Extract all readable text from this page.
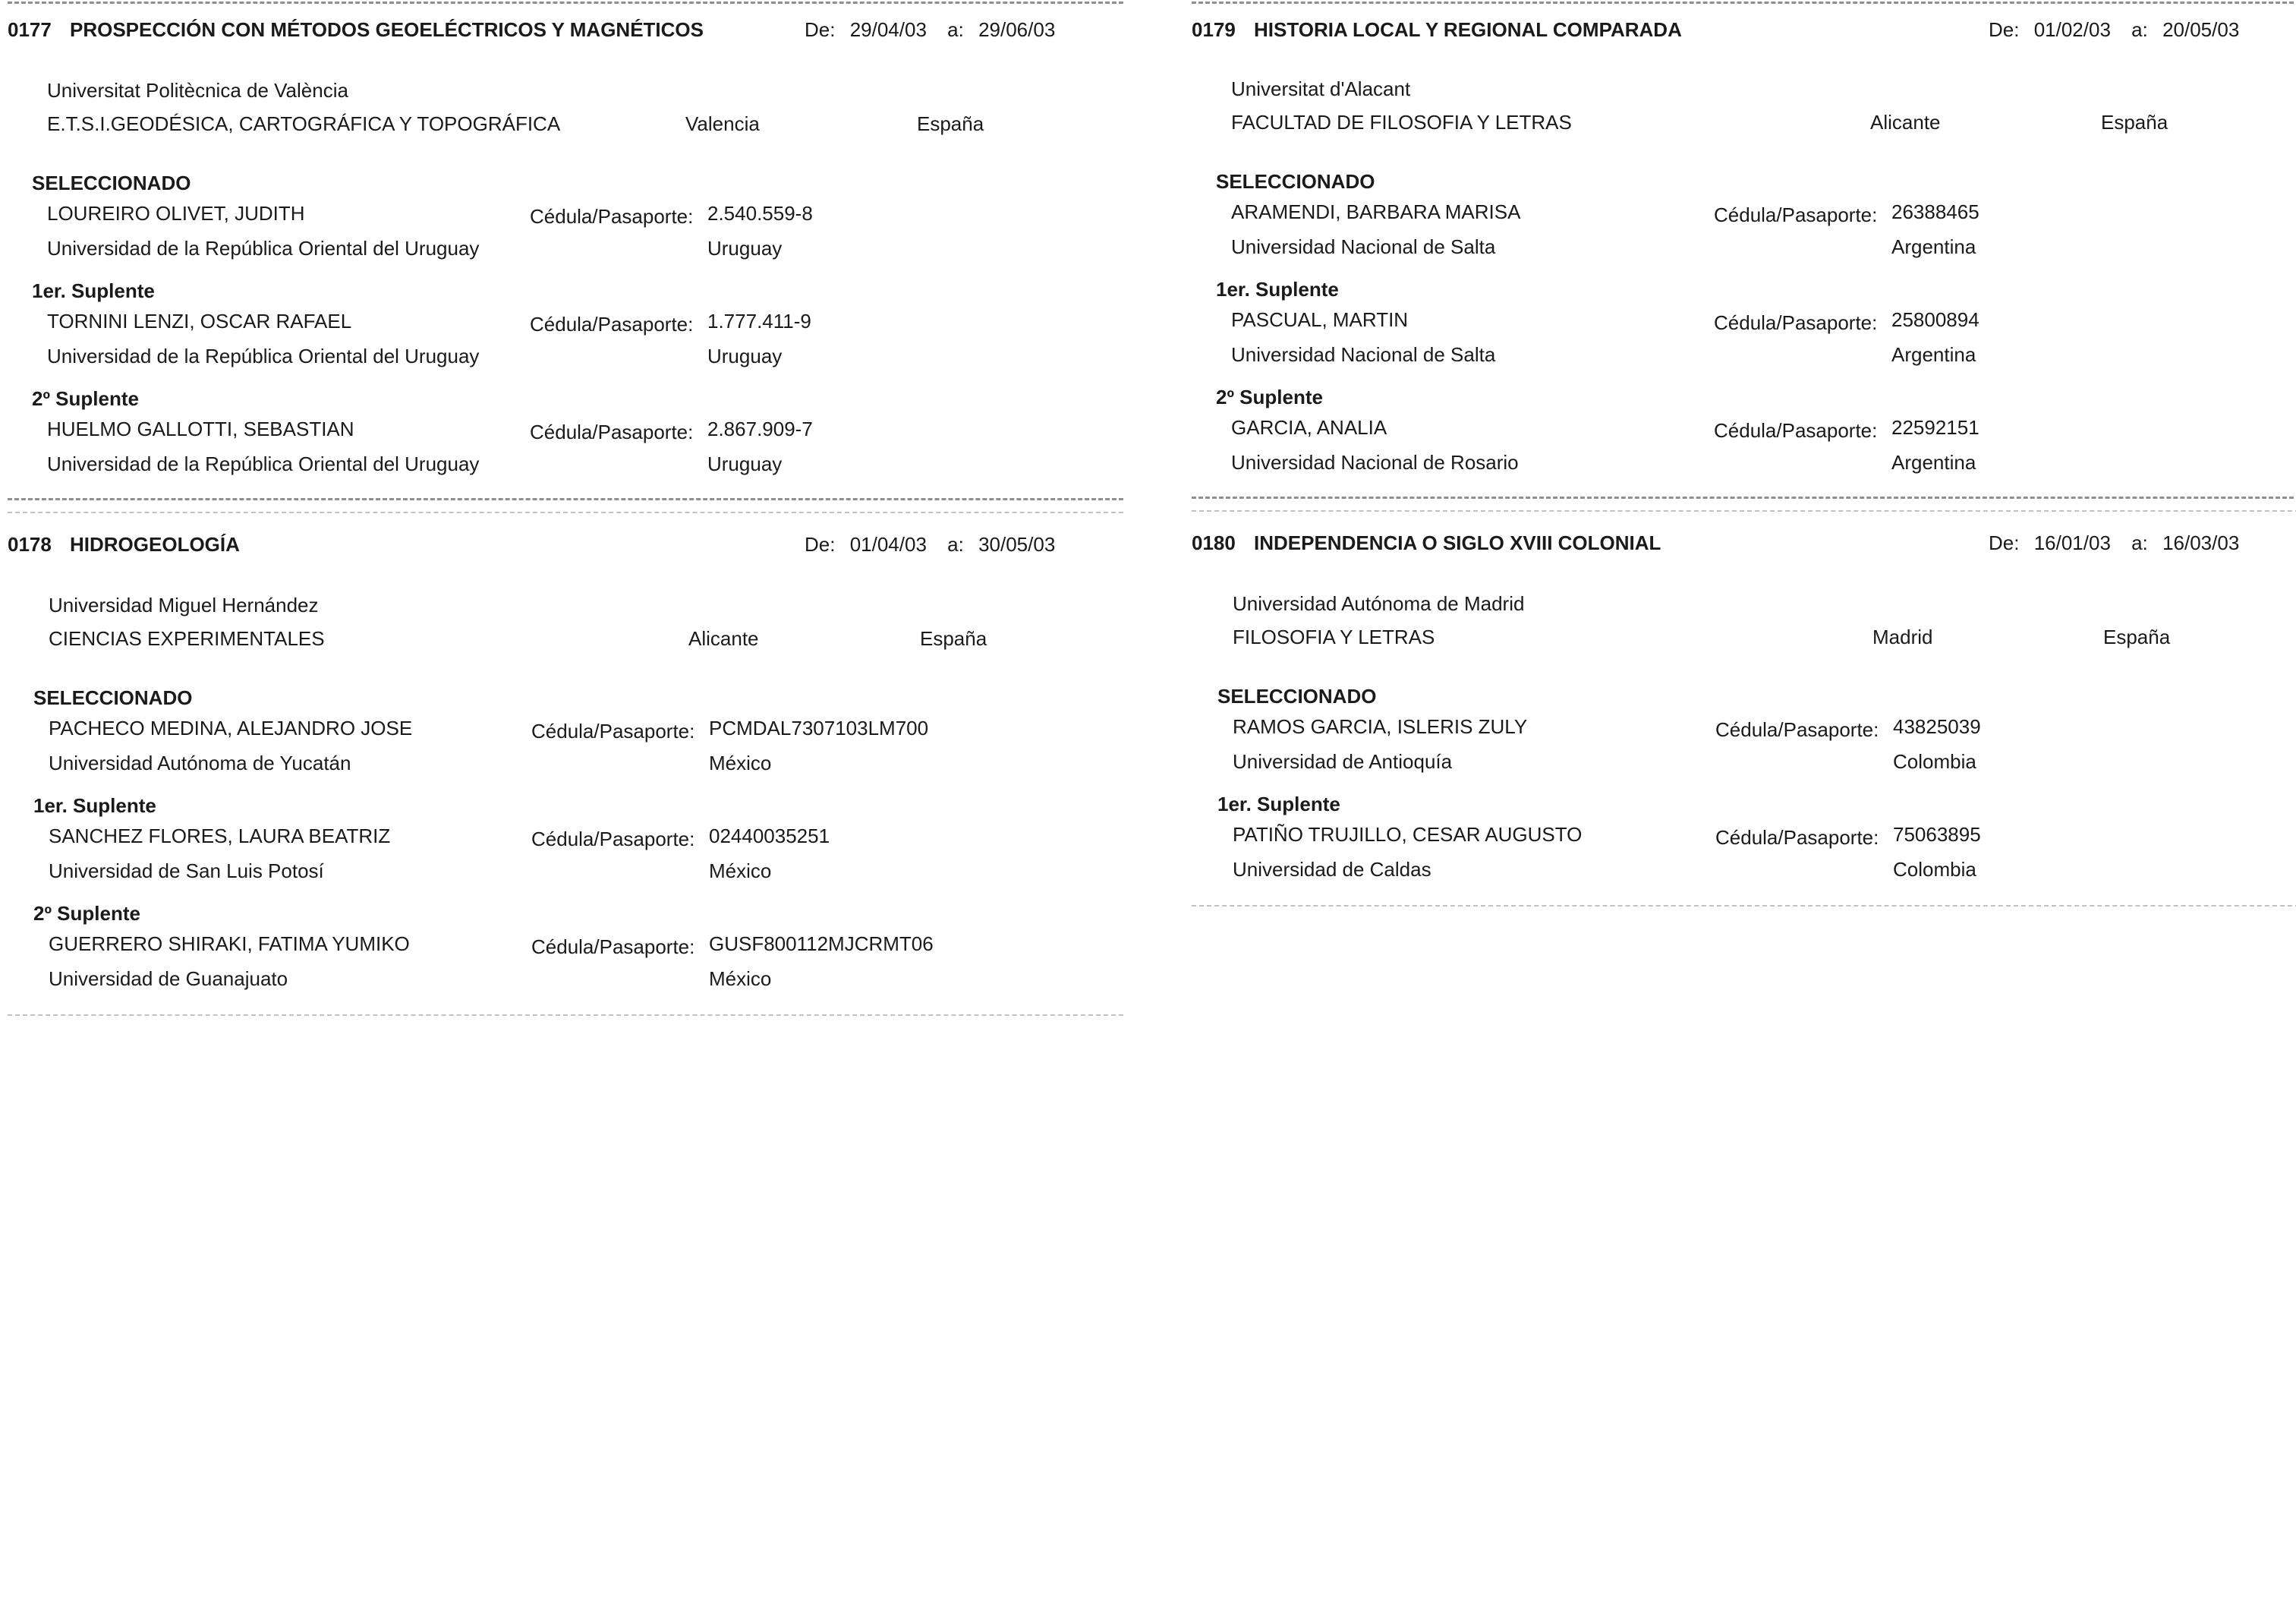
0177 PROSPECCIÓN CON MÉTODOS GEOELÉCTRICOS Y MAGNÉTICOS	De: 29/04/03 a: 29/06/03
Universitat Politècnica de València
E.T.S.I.GEODÉSICA, CARTOGRÁFICA Y TOPOGRÁFICA	Valencia	España
SELECCIONADO
LOUREIRO OLIVET, JUDITH	Cédula/Pasaporte: 2.540.559-8
Universidad de la República Oriental del Uruguay	Uruguay
1er. Suplente
TORNINI LENZI, OSCAR RAFAEL	Cédula/Pasaporte: 1.777.411-9
Universidad de la República Oriental del Uruguay	Uruguay
2º Suplente
HUELMO GALLOTTI, SEBASTIAN	Cédula/Pasaporte: 2.867.909-7
Universidad de la República Oriental del Uruguay	Uruguay
0179 HISTORIA LOCAL Y REGIONAL COMPARADA	De: 01/02/03 a: 20/05/03
Universitat d'Alacant
FACULTAD DE FILOSOFIA Y LETRAS	Alicante	España
SELECCIONADO
ARAMENDI, BARBARA MARISA	Cédula/Pasaporte: 26388465
Universidad Nacional de Salta	Argentina
1er. Suplente
PASCUAL, MARTIN	Cédula/Pasaporte: 25800894
Universidad Nacional de Salta	Argentina
2º Suplente
GARCIA, ANALIA	Cédula/Pasaporte: 22592151
Universidad Nacional de Rosario	Argentina
0178 HIDROGEOLOGÍA	De: 01/04/03 a: 30/05/03
Universidad Miguel Hernández
CIENCIAS EXPERIMENTALES	Alicante	España
SELECCIONADO
PACHECO MEDINA, ALEJANDRO JOSE	Cédula/Pasaporte: PCMDAL7307103LM700
Universidad Autónoma de Yucatán	México
1er. Suplente
SANCHEZ FLORES, LAURA BEATRIZ	Cédula/Pasaporte: 02440035251
Universidad de San Luis Potosí	México
2º Suplente
GUERRERO SHIRAKI, FATIMA YUMIKO	Cédula/Pasaporte: GUSF800112MJCRMT06
Universidad de Guanajuato	México
0180 INDEPENDENCIA O SIGLO XVIII COLONIAL	De: 16/01/03 a: 16/03/03
Universidad Autónoma de Madrid
FILOSOFIA Y LETRAS	Madrid	España
SELECCIONADO
RAMOS GARCIA, ISLERIS ZULY	Cédula/Pasaporte: 43825039
Universidad de Antioquía	Colombia
1er. Suplente
PATIÑO TRUJILLO, CESAR AUGUSTO	Cédula/Pasaporte: 75063895
Universidad de Caldas	Colombia
